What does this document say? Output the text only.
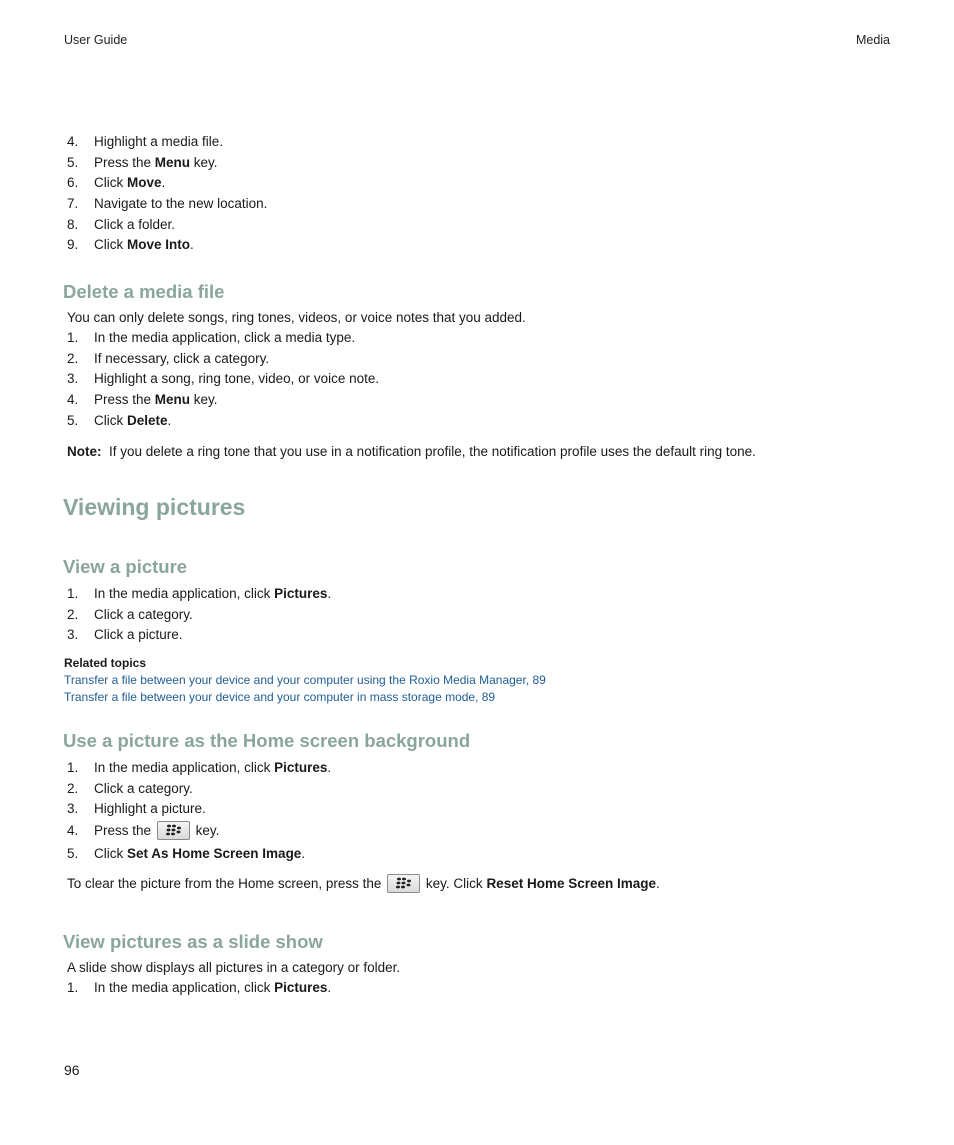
User Guide	Media
4. Highlight a media file.
5. Press the Menu key.
6. Click Move.
7. Navigate to the new location.
8. Click a folder.
9. Click Move Into.
Delete a media file
You can only delete songs, ring tones, videos, or voice notes that you added.
1. In the media application, click a media type.
2. If necessary, click a category.
3. Highlight a song, ring tone, video, or voice note.
4. Press the Menu key.
5. Click Delete.
Note: If you delete a ring tone that you use in a notification profile, the notification profile uses the default ring tone.
Viewing pictures
View a picture
1. In the media application, click Pictures.
2. Click a category.
3. Click a picture.
Related topics
Transfer a file between your device and your computer using the Roxio Media Manager, 89
Transfer a file between your device and your computer in mass storage mode, 89
Use a picture as the Home screen background
1. In the media application, click Pictures.
2. Click a category.
3. Highlight a picture.
4. Press the	key.
5. Click Set As Home Screen Image.
To clear the picture from the Home screen, press the	key. Click Reset Home Screen Image.
View pictures as a slide show
A slide show displays all pictures in a category or folder.
1. In the media application, click Pictures.
96
